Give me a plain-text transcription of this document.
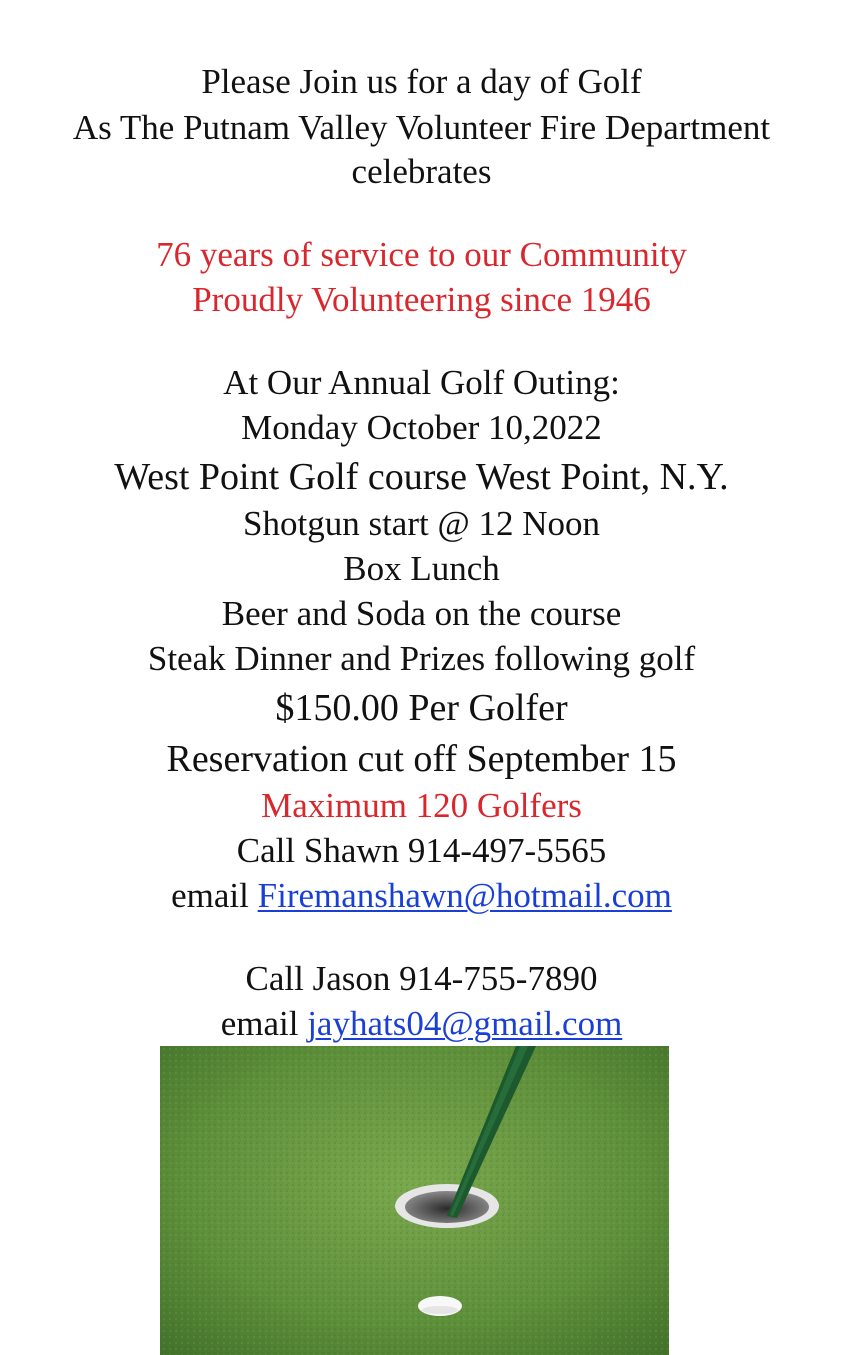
Please Join us for a day of Golf
As The Putnam Valley Volunteer Fire Department
celebrates
76 years of service to our Community
Proudly Volunteering since 1946
At Our Annual Golf Outing:
Monday October 10,2022
West Point Golf course West Point, N.Y.
Shotgun start @ 12 Noon
Box Lunch
Beer and Soda on the course
Steak Dinner and Prizes following golf
$150.00 Per Golfer
Reservation cut off September 15
Maximum 120 Golfers
Call Shawn 914-497-5565
email Firemanshawn@hotmail.com
Call Jason 914-755-7890
email jayhats04@gmail.com
